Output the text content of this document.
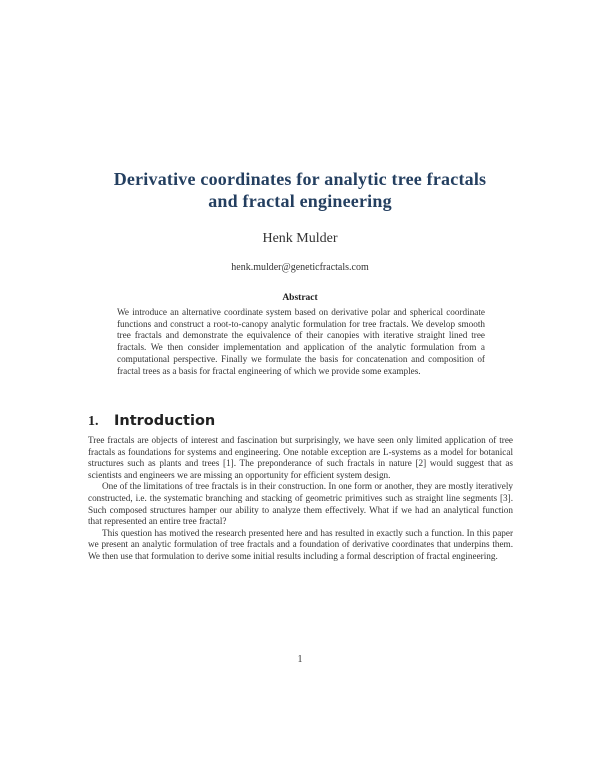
Derivative coordinates for analytic tree fractals
and fractal engineering
Henk Mulder
henk.mulder@geneticfractals.com
Abstract
We introduce an alternative coordinate system based on derivative polar and spherical coordinate functions and construct a root-to-canopy analytic formulation for tree fractals. We develop smooth tree fractals and demonstrate the equivalence of their canopies with iterative straight lined tree fractals. We then consider implementation and application of the analytic formulation from a computational perspective. Finally we formulate the basis for concatenation and composition of fractal trees as a basis for fractal engineering of which we provide some examples.
1. Introduction

Tree fractals are objects of interest and fascination but surprisingly, we have seen only limited application of tree fractals as foundations for systems and engineering. One notable exception are L-systems as a model for botanical structures such as plants and trees [1]. The preponderance of such fractals in nature [2] would suggest that as scientists and engineers we are missing an opportunity for efficient system design.

One of the limitations of tree fractals is in their construction. In one form or another, they are mostly iteratively constructed, i.e. the systematic branching and stacking of geometric primitives such as straight line segments [3]. Such composed structures hamper our ability to analyze them effectively. What if we had an analytical function that represented an entire tree fractal?

This question has motived the research presented here and has resulted in exactly such a function. In this paper we present an analytic formulation of tree fractals and a foundation of derivative coordinates that underpins them. We then use that formulation to derive some initial results including a formal description of fractal engineering.

1
